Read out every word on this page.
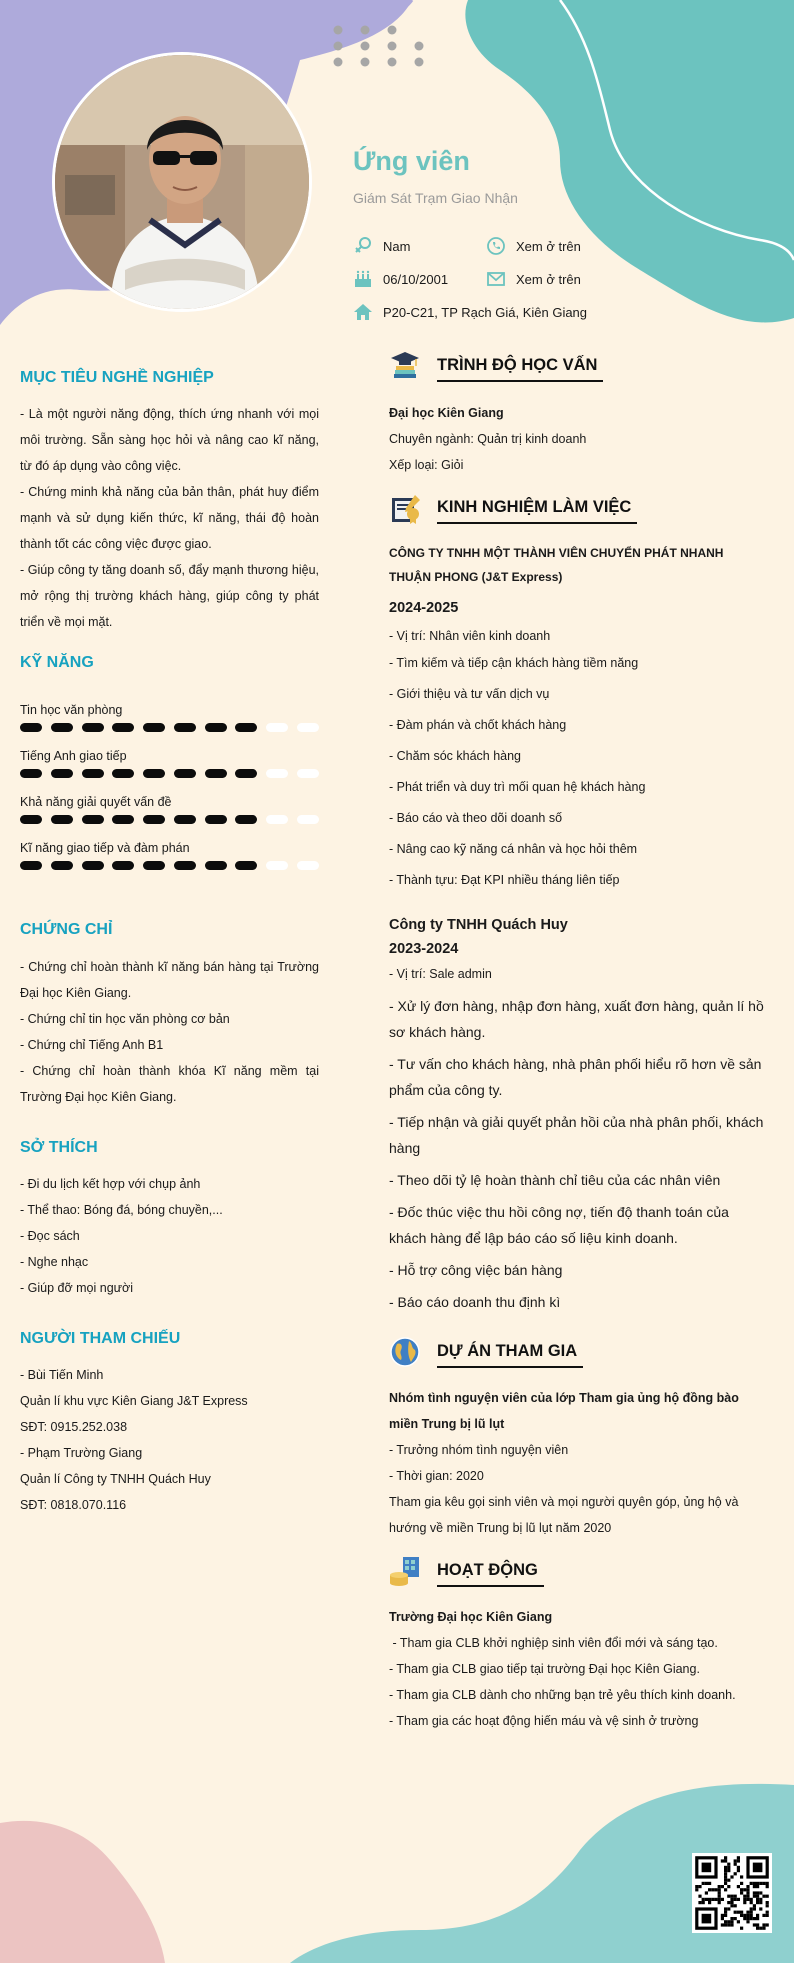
Ứng viên
Giám Sát Trạm Giao Nhận
Nam	Xem ở trên
06/10/2001	Xem ở trên
P20-C21, TP Rạch Giá, Kiên Giang
MỤC TIÊU NGHỀ NGHIỆP
- Là một người năng động, thích ứng nhanh với mọi môi trường. Sẵn sàng học hỏi và nâng cao kĩ năng, từ đó áp dụng vào công việc.
- Chứng minh khả năng của bản thân, phát huy điểm mạnh và sử dụng kiến thức, kĩ năng, thái độ hoàn thành tốt các công việc được giao.
- Giúp công ty tăng doanh số, đẩy mạnh thương hiệu, mở rộng thị trường khách hàng, giúp công ty phát triển về mọi mặt.
KỸ NĂNG
Tin học văn phòng
Tiếng Anh giao tiếp
Khả năng giải quyết vấn đề
Kĩ năng giao tiếp và đàm phán
CHỨNG CHỈ
- Chứng chỉ hoàn thành kĩ năng bán hàng tại Trường Đại học Kiên Giang.
- Chứng chỉ tin học văn phòng cơ bản
- Chứng chỉ Tiếng Anh B1
- Chứng chỉ hoàn thành khóa Kĩ năng mềm tại Trường Đại học Kiên Giang.
SỞ THÍCH
- Đi du lịch kết hợp với chụp ảnh
- Thể thao: Bóng đá, bóng chuyền,...
- Đọc sách
- Nghe nhạc
- Giúp đỡ mọi người
NGƯỜI THAM CHIẾU
- Bùi Tiến Minh
Quản lí khu vực Kiên Giang J&T Express
SĐT: 0915.252.038
- Phạm Trường Giang
Quản lí Công ty TNHH Quách Huy
SĐT: 0818.070.116
TRÌNH ĐỘ HỌC VẤN
Đại học Kiên Giang
Chuyên ngành: Quản trị kinh doanh
Xếp loại: Giỏi
KINH NGHIỆM LÀM VIỆC
CÔNG TY TNHH MỘT THÀNH VIÊN CHUYỂN PHÁT NHANH THUẬN PHONG (J&T Express)
2024-2025
- Vị trí: Nhân viên kinh doanh
- Tìm kiếm và tiếp cận khách hàng tiềm năng
- Giới thiệu và tư vấn dịch vụ
- Đàm phán và chốt khách hàng
- Chăm sóc khách hàng
- Phát triển và duy trì mối quan hệ khách hàng
- Báo cáo và theo dõi doanh số
- Nâng cao kỹ năng cá nhân và học hỏi thêm
- Thành tựu: Đạt KPI nhiều tháng liên tiếp
Công ty TNHH Quách Huy
2023-2024
- Vị trí: Sale admin
- Xử lý đơn hàng, nhập đơn hàng, xuất đơn hàng, quản lí hồ sơ khách hàng.
- Tư vấn cho khách hàng, nhà phân phối hiểu rõ hơn về sản phẩm của công ty.
- Tiếp nhận và giải quyết phản hồi của nhà phân phối, khách hàng
- Theo dõi tỷ lệ hoàn thành chỉ tiêu của các nhân viên
- Đốc thúc việc thu hồi công nợ, tiến độ thanh toán của khách hàng để lập báo cáo số liệu kinh doanh.
- Hỗ trợ công việc bán hàng
- Báo cáo doanh thu định kì
DỰ ÁN THAM GIA
Nhóm tình nguyện viên của lớp Tham gia ủng hộ đồng bào miền Trung bị lũ lụt
- Trưởng nhóm tình nguyện viên
- Thời gian: 2020
Tham gia kêu gọi sinh viên và mọi người quyên góp, ủng hộ và hướng về miền Trung bị lũ lụt năm 2020
HOẠT ĐỘNG
Trường Đại học Kiên Giang
- Tham gia CLB khởi nghiệp sinh viên đổi mới và sáng tạo.
- Tham gia CLB giao tiếp tại trường Đại học Kiên Giang.
- Tham gia CLB dành cho những bạn trẻ yêu thích kinh doanh.
- Tham gia các hoạt động hiến máu và vệ sinh ở trường
